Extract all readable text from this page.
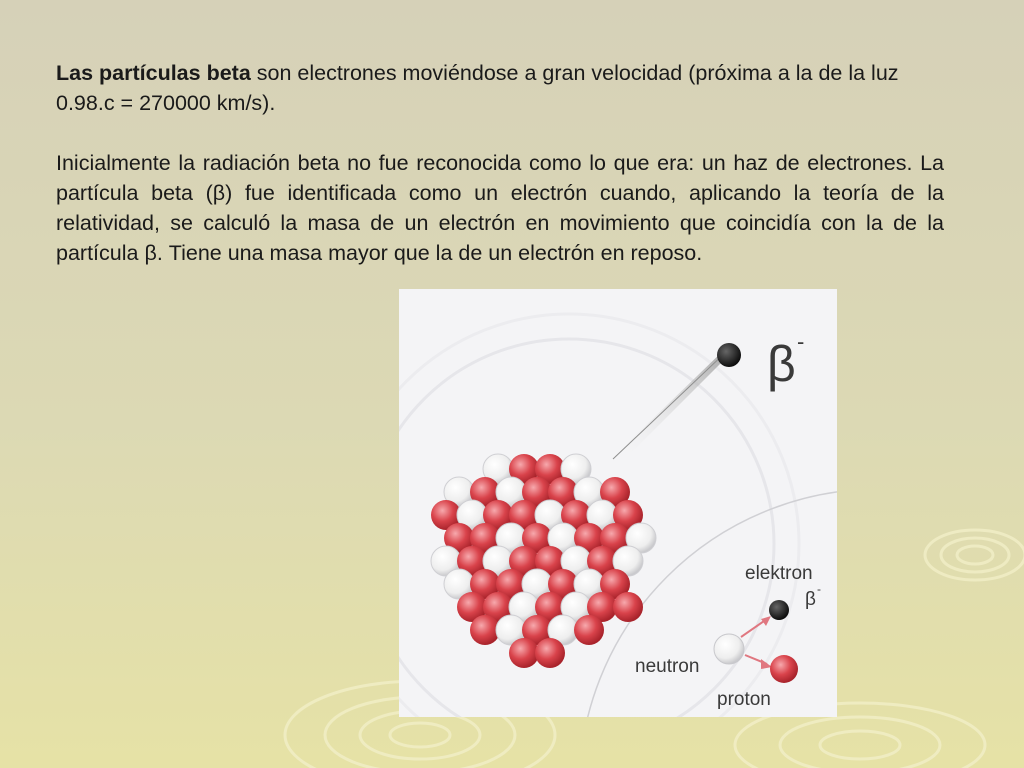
Las partículas beta son electrones moviéndose a gran velocidad (próxima a la de la luz 0.98.c = 270000 km/s).

Inicialmente la radiación beta no fue reconocida como lo que era: un haz de electrones. La partícula beta (β) fue identificada como un electrón cuando, aplicando la teoría de la relatividad, se calculó la masa de un electrón en movimiento que coincidía con la de la partícula β. Tiene una masa mayor que la de un electrón en reposo.

β -
elektron
β -
neutron
proton
